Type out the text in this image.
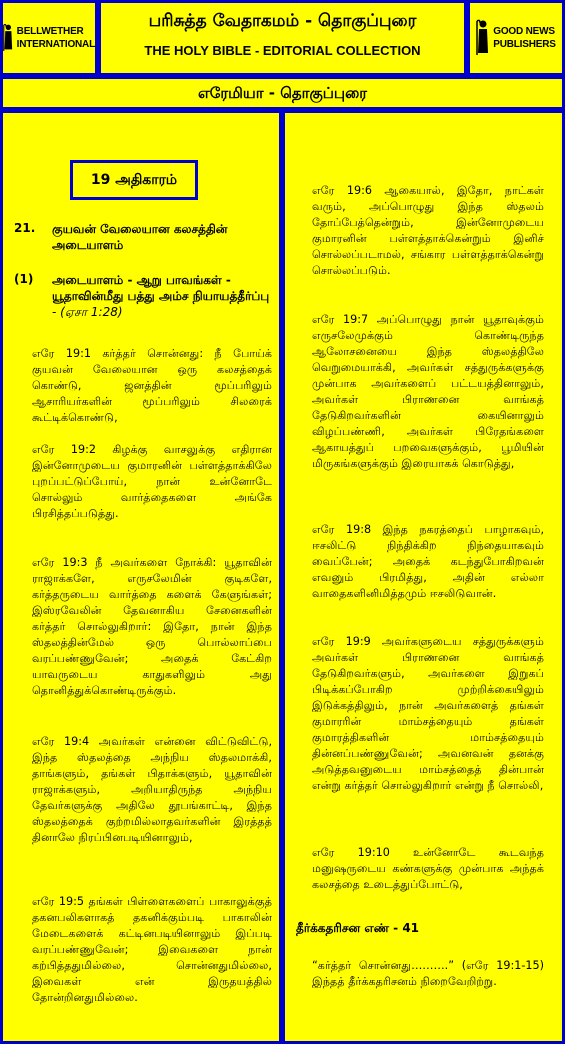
BELLWETHER
INTERNATIONAL
பரிசுத்த வேதாகமம் - தொகுப்புரை
THE HOLY BIBLE - EDITORIAL COLLECTION
GOOD NEWS
PUBLISHERS
எரேமியா - தொகுப்புரை
19 அதிகாரம்
21. குயவன் வேலையான கலசத்தின் அடையாளம்
(1) அடையாளம் - ஆறு பாவங்கள் - யூதாவின்மீது பத்து அம்ச நியாயத்தீர்ப்பு - (ஏசா 1:28)
எரே 19:1 கர்த்தர் சொன்னது: நீ போய்க் குயவன் வேலையான ஒரு கலசத்தைக் கொண்டு, ஜனத்தின் மூப்பரிலும் ஆசாரியர்களின் மூப்பரிலும் சிலரைக் கூட்டிக்கொண்டு,
எரே 19:2 கிழக்கு வாசலுக்கு எதிரான இன்னோமுடைய குமாரனின் பள்ளத்தாக்கிலே புறப்பட்டுப்போய், நான் உன்னோடே சொல்லும் வார்த்தைகளை அங்கே பிரசித்தப்படுத்து.
எரே 19:3 நீ அவர்களை நோக்கி: யூதாவின் ராஜாக்களே, எருசலேமின் குடிகளே, கர்த்தருடைய வார்த்தை களைக் கேளுங்கள்; இஸ்ரவேலின் தேவனாகிய சேனைகளின் கர்த்தர் சொல்லுகிறார்: இதோ, நான் இந்த ஸ்தலத்தின்மேல் ஒரு பொல்லாப்பை வரப்பண்ணுவேன்; அதைக் கேட்கிற யாவருடைய காதுகளிலும் அது தொனித்துக்கொண்டிருக்கும்.
எரே 19:4 அவர்கள் என்னை விட்டுவிட்டு, இந்த ஸ்தலத்தை அந்நிய ஸ்தலமாக்கி, தாங்களும், தங்கள் பிதாக்களும், யூதாவின் ராஜாக்களும், அறியாதிருந்த அந்நிய தேவர்களுக்கு அதிலே தூபங்காட்டி, இந்த ஸ்தலத்தைக் குற்றமில்லாதவர்களின் இரத்தத் தினாலே நிரப்பினபடியினாலும்,
எரே 19:5 தங்கள் பிள்ளைகளைப் பாகாலுக்குத் தகனபலிகளாகத் தகனிக்கும்படி பாகாலின் மேடைகளைக் கட்டினபடியினாலும் இப்படி வரப்பண்ணுவேன்; இவைகளை நான் கற்பித்ததுமில்லை, சொன்னதுமில்லை, இவைகள் என் இருதயத்தில் தோன்றினதுமில்லை.
எரே 19:6 ஆகையால், இதோ, நாட்கள் வரும், அப்பொழுது இந்த ஸ்தலம் தோப்பேத்தென்றும், இன்னோமுடைய குமாரனின் பள்ளத்தாக்கென்றும் இனிச் சொல்லப்படாமல், சங்கார பள்ளத்தாக்கென்று சொல்லப்படும்.
எரே 19:7 அப்பொழுது நான் யூதாவுக்கும் எருசலேமுக்கும் கொண்டிருந்த ஆலோசனையை இந்த ஸ்தலத்திலே வெறுமையாக்கி, அவர்கள் சத்துருக்களுக்கு முன்பாக அவர்களைப் பட்டயத்தினாலும், அவர்கள் பிராணனை வாங்கத் தேடுகிறவர்களின் கையினாலும் விழப்பண்ணி, அவர்கள் பிரேதங்களை ஆகாயத்துப் பறவைகளுக்கும், பூமியின் மிருகங்களுக்கும் இரையாகக் கொடுத்து,
எரே 19:8 இந்த நகரத்தைப் பாழாகவும், ஈசலிட்டு நிந்திக்கிற நிந்தையாகவும் வைப்பேன்; அதைக் கடந்துபோகிறவன் எவனும் பிரமித்து, அதின் எல்லா வாதைகளினிமித்தமும் ஈசலிடுவான்.
எரே 19:9 அவர்களுடைய சத்துருக்களும் அவர்கள் பிராணனை வாங்கத் தேடுகிறவர்களும், அவர்களை இறுகப் பிடிக்கப்போகிற முற்றிக்கையிலும் இடுக்கத்திலும், நான் அவர்களைத் தங்கள் குமாரரின் மாம்சத்தையும் தங்கள் குமாரத்திகளின் மாம்சத்தையும் தின்னப்பண்ணுவேன்; அவனவன் தனக்கு அடுத்தவனுடைய மாம்சத்தைத் தின்பான் என்று கர்த்தர் சொல்லுகிறார் என்று நீ சொல்லி,
எரே 19:10 உன்னோடே கூடவந்த மனுஷருடைய கண்களுக்கு முன்பாக அந்தக் கலசத்தை உடைத்துப்போட்டு,
தீர்க்கதரிசன எண் - 41
“கர்த்தர் சொன்னது……….” (எரே 19:1-15) இந்தத் தீர்க்கதரிசனம் நிறைவேறிற்று.
